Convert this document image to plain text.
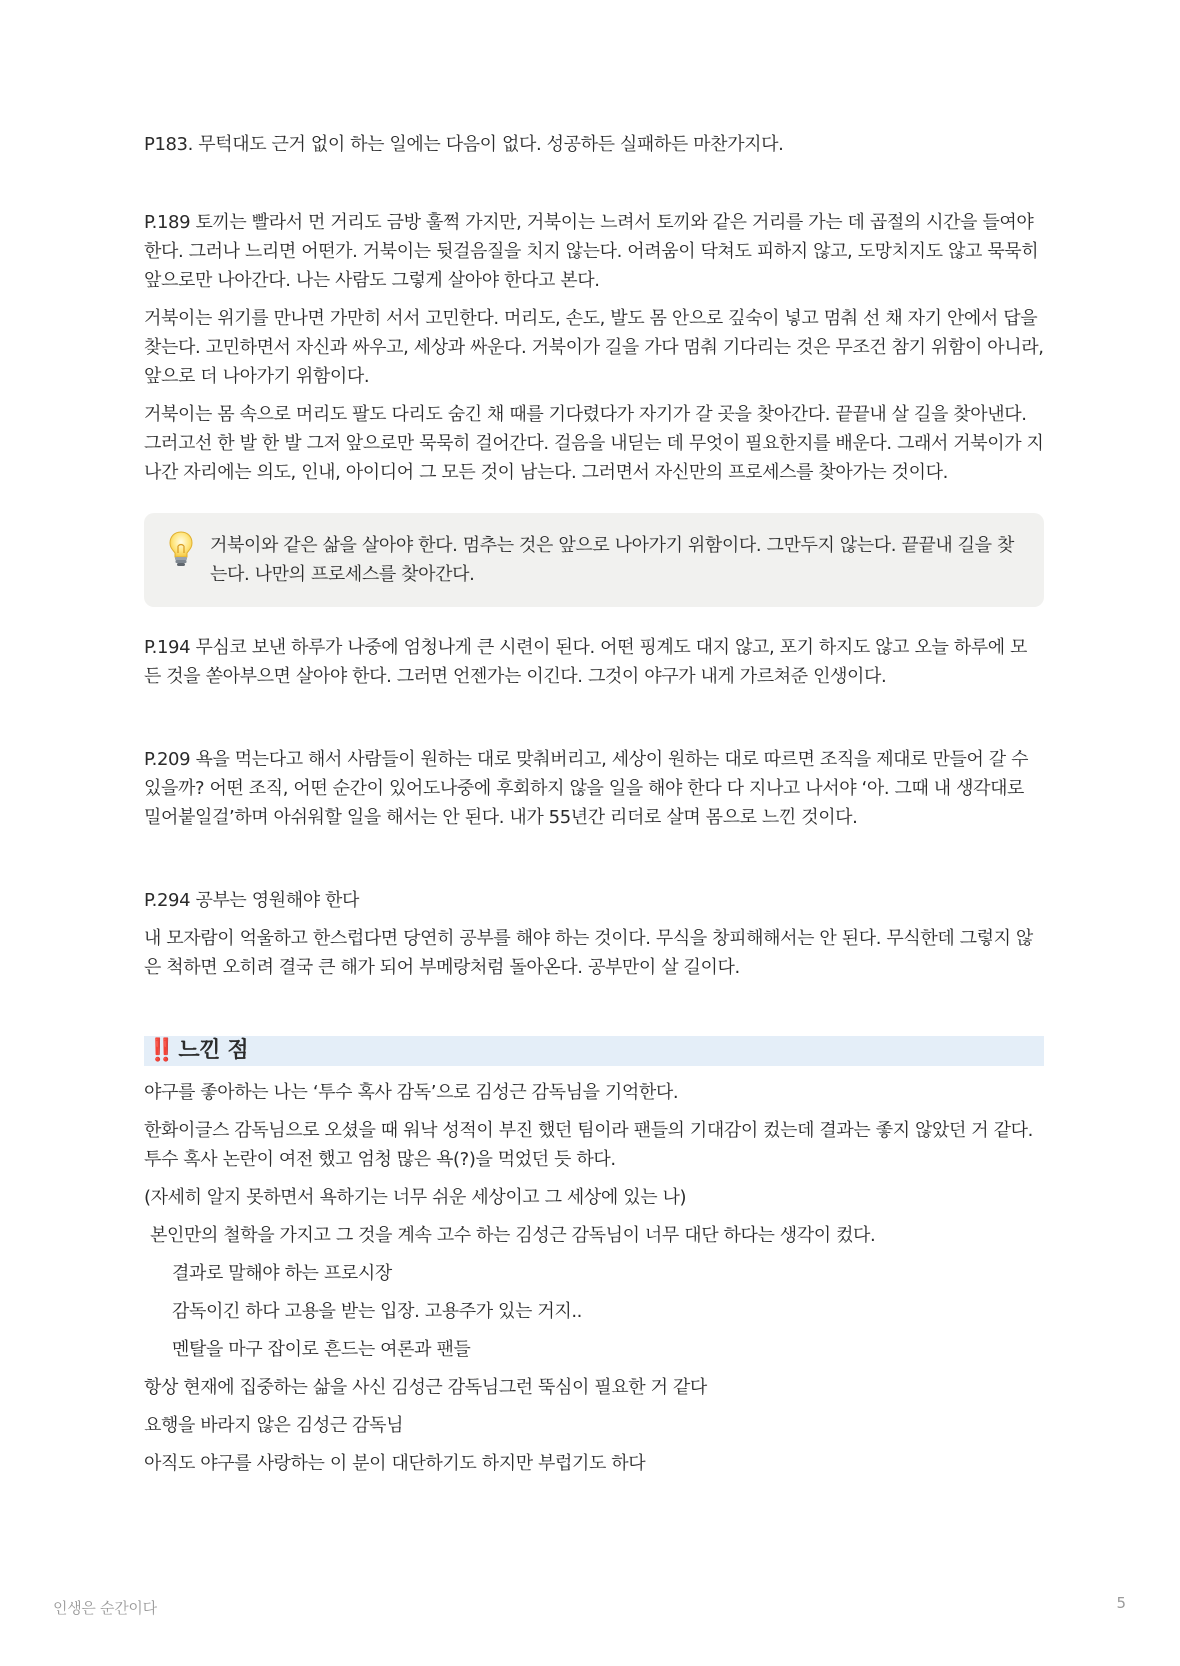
P183. 무턱대도 근거 없이 하는 일에는 다음이 없다. 성공하든 실패하든 마찬가지다.

P.189 토끼는 빨라서 먼 거리도 금방 훌쩍 가지만, 거북이는 느려서 토끼와 같은 거리를 가는 데 곱절의 시간을 들여야 한다. 그러나 느리면 어떤가. 거북이는 뒷걸음질을 치지 않는다. 어려움이 닥쳐도 피하지 않고, 도망치지도 않고 묵묵히 앞으로만 나아간다. 나는 사람도 그렇게 살아야 한다고 본다.

거북이는 위기를 만나면 가만히 서서 고민한다. 머리도, 손도, 발도 몸 안으로 깊숙이 넣고 멈춰 선 채 자기 안에서 답을 찾는다. 고민하면서 자신과 싸우고, 세상과 싸운다. 거북이가 길을 가다 멈춰 기다리는 것은 무조건 참기 위함이 아니라, 앞으로 더 나아가기 위함이다.

거북이는 몸 속으로 머리도 팔도 다리도 숨긴 채 때를 기다렸다가 자기가 갈 곳을 찾아간다. 끝끝내 살 길을 찾아낸다. 그러고선 한 발 한 발 그저 앞으로만 묵묵히 걸어간다. 걸음을 내딛는 데 무엇이 필요한지를 배운다. 그래서 거북이가 지나간 자리에는 의도, 인내, 아이디어 그 모든 것이 남는다. 그러면서 자신만의 프로세스를 찾아가는 것이다.

거북이와 같은 삶을 살아야 한다. 멈추는 것은 앞으로 나아가기 위함이다. 그만두지 않는다. 끝끝내 길을 찾는다. 나만의 프로세스를 찾아간다.

P.194 무심코 보낸 하루가 나중에 엄청나게 큰 시련이 된다. 어떤 핑계도 대지 않고, 포기 하지도 않고 오늘 하루에 모든 것을 쏟아부으면 살아야 한다. 그러면 언젠가는 이긴다. 그것이 야구가 내게 가르쳐준 인생이다.

P.209 욕을 먹는다고 해서 사람들이 원하는 대로 맞춰버리고, 세상이 원하는 대로 따르면 조직을 제대로 만들어 갈 수 있을까? 어떤 조직, 어떤 순간이 있어도나중에 후회하지 않을 일을 해야 한다 다 지나고 나서야 ‘아. 그때 내 생각대로 밀어붙일걸’하며 아쉬워할 일을 해서는 안 된다. 내가 55년간 리더로 살며 몸으로 느낀 것이다.

P.294 공부는 영원해야 한다

내 모자람이 억울하고 한스럽다면 당연히 공부를 해야 하는 것이다. 무식을 창피해해서는 안 된다. 무식한데 그렇지 않은 척하면 오히려 결국 큰 해가 되어 부메랑처럼 돌아온다. 공부만이 살 길이다.

‼️ 느낀 점

야구를 좋아하는 나는 ‘투수 혹사 감독’으로 김성근 감독님을 기억한다.

한화이글스 감독님으로 오셨을 때 워낙 성적이 부진 했던 팀이라 팬들의 기대감이 컸는데 결과는 좋지 않았던 거 같다. 투수 혹사 논란이 여전 했고 엄청 많은 욕(?)을 먹었던 듯 하다.

(자세히 알지 못하면서 욕하기는 너무 쉬운 세상이고 그 세상에 있는 나)

본인만의 철학을 가지고 그 것을 계속 고수 하는 김성근 감독님이 너무 대단 하다는 생각이 컸다.

결과로 말해야 하는 프로시장

감독이긴 하다 고용을 받는 입장. 고용주가 있는 거지..

멘탈을 마구 잡이로 흔드는 여론과 팬들

항상 현재에 집중하는 삶을 사신 김성근 감독님그런 뚝심이 필요한 거 같다

요행을 바라지 않은 김성근 감독님

아직도 야구를 사랑하는 이 분이 대단하기도 하지만 부럽기도 하다

인생은 순간이다	5
